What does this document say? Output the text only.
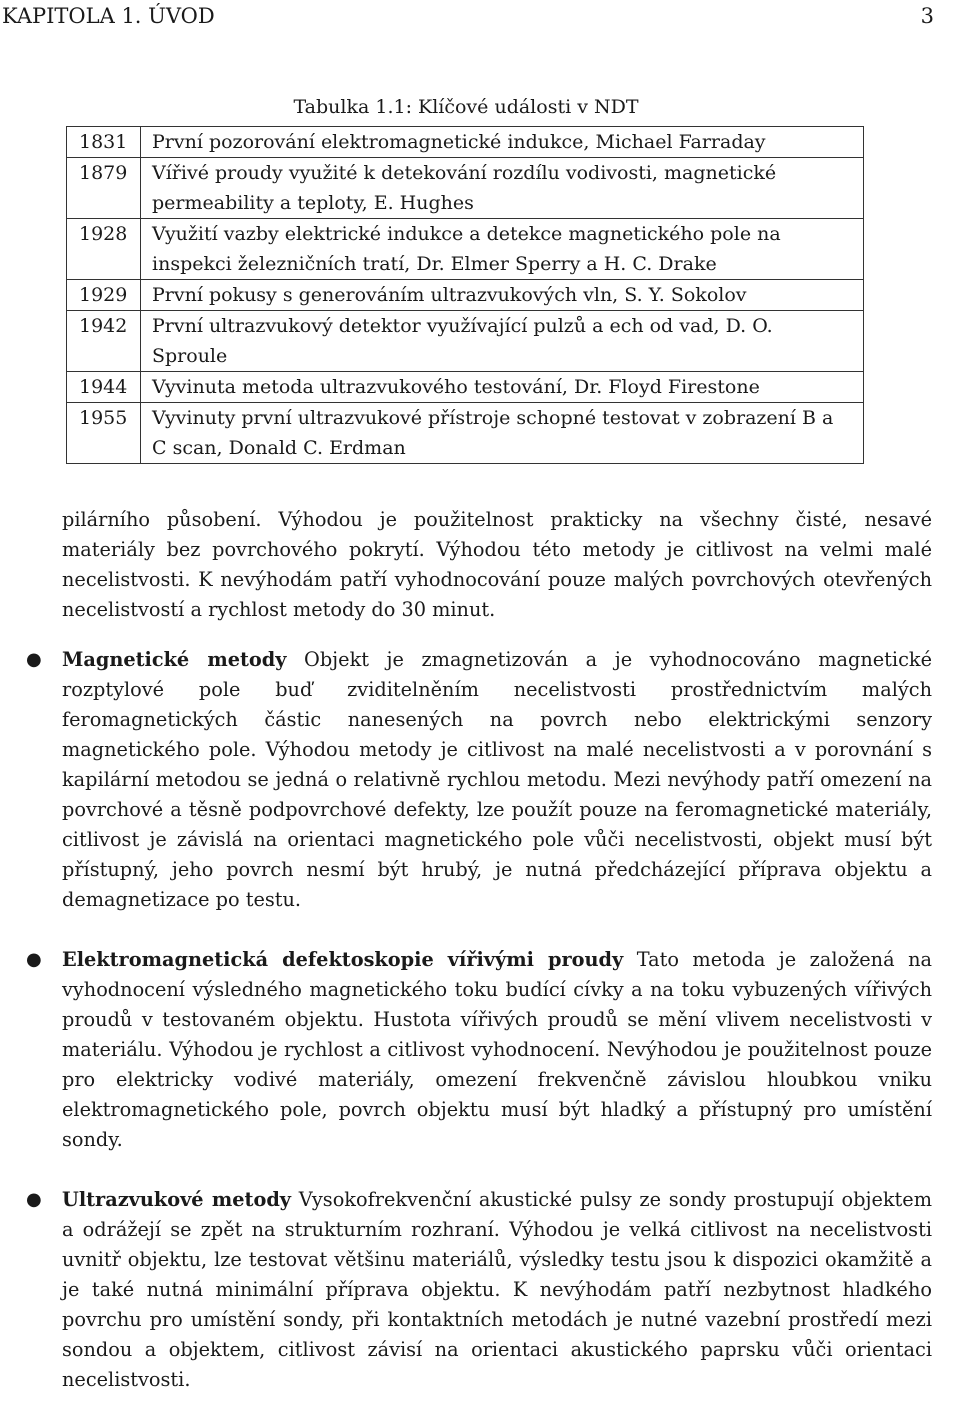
KAPITOLA 1. ÚVOD	3
Tabulka 1.1: Klíčové události v NDT
1831	První pozorování elektromagnetické indukce, Michael Farraday
1879	Vířivé proudy využité k detekování rozdílu vodivosti, magnetické permeability a teploty, E. Hughes
1928	Využití vazby elektrické indukce a detekce magnetického pole na inspekci železničních tratí, Dr. Elmer Sperry a H. C. Drake
1929	První pokusy s generováním ultrazvukových vln, S. Y. Sokolov
1942	První ultrazvukový detektor využívající pulzů a ech od vad, D. O. Sproule
1944	Vyvinuta metoda ultrazvukového testování, Dr. Floyd Firestone
1955	Vyvinuty první ultrazvukové přístroje schopné testovat v zobrazení B a C scan, Donald C. Erdman

pilárního působení. Výhodou je použitelnost prakticky na všechny čisté, nesavé materiály bez povrchového pokrytí. Výhodou této metody je citlivost na velmi malé necelistvosti. K nevýhodám patří vyhodnocování pouze malých povrchových otevřených necelistvostí a rychlost metody do 30 minut.

● Magnetické metody Objekt je zmagnetizován a je vyhodnocováno magnetické rozptylové pole buď zviditelněním necelistvosti prostřednictvím malých feromagnetických částic nanesených na povrch nebo elektrickými senzory magnetického pole. Výhodou metody je citlivost na malé necelistvosti a v porovnání s kapilární metodou se jedná o relativně rychlou metodu. Mezi nevýhody patří omezení na povrchové a těsně podpovrchové defekty, lze použít pouze na feromagnetické materiály, citlivost je závislá na orientaci magnetického pole vůči necelistvosti, objekt musí být přístupný, jeho povrch nesmí být hrubý, je nutná předcházející příprava objektu a demagnetizace po testu.
● Elektromagnetická defektoskopie vířivými proudy Tato metoda je založená na vyhodnocení výsledného magnetického toku budící cívky a na toku vybuzených vířivých proudů v testovaném objektu. Hustota vířivých proudů se mění vlivem necelistvosti v materiálu. Výhodou je rychlost a citlivost vyhodnocení. Nevýhodou je použitelnost pouze pro elektricky vodivé materiály, omezení frekvenčně závislou hloubkou vniku elektromagnetického pole, povrch objektu musí být hladký a přístupný pro umístění sondy.
● Ultrazvukové metody Vysokofrekvenční akustické pulsy ze sondy prostupují objektem a odrážejí se zpět na strukturním rozhraní. Výhodou je velká citlivost na necelistvosti uvnitř objektu, lze testovat většinu materiálů, výsledky testu jsou k dispozici okamžitě a je také nutná minimální příprava objektu. K nevýhodám patří nezbytnost hladkého povrchu pro umístění sondy, při kontaktních metodách je nutné vazební prostředí mezi sondou a objektem, citlivost závisí na orientaci akustického paprsku vůči orientaci necelistvosti.
